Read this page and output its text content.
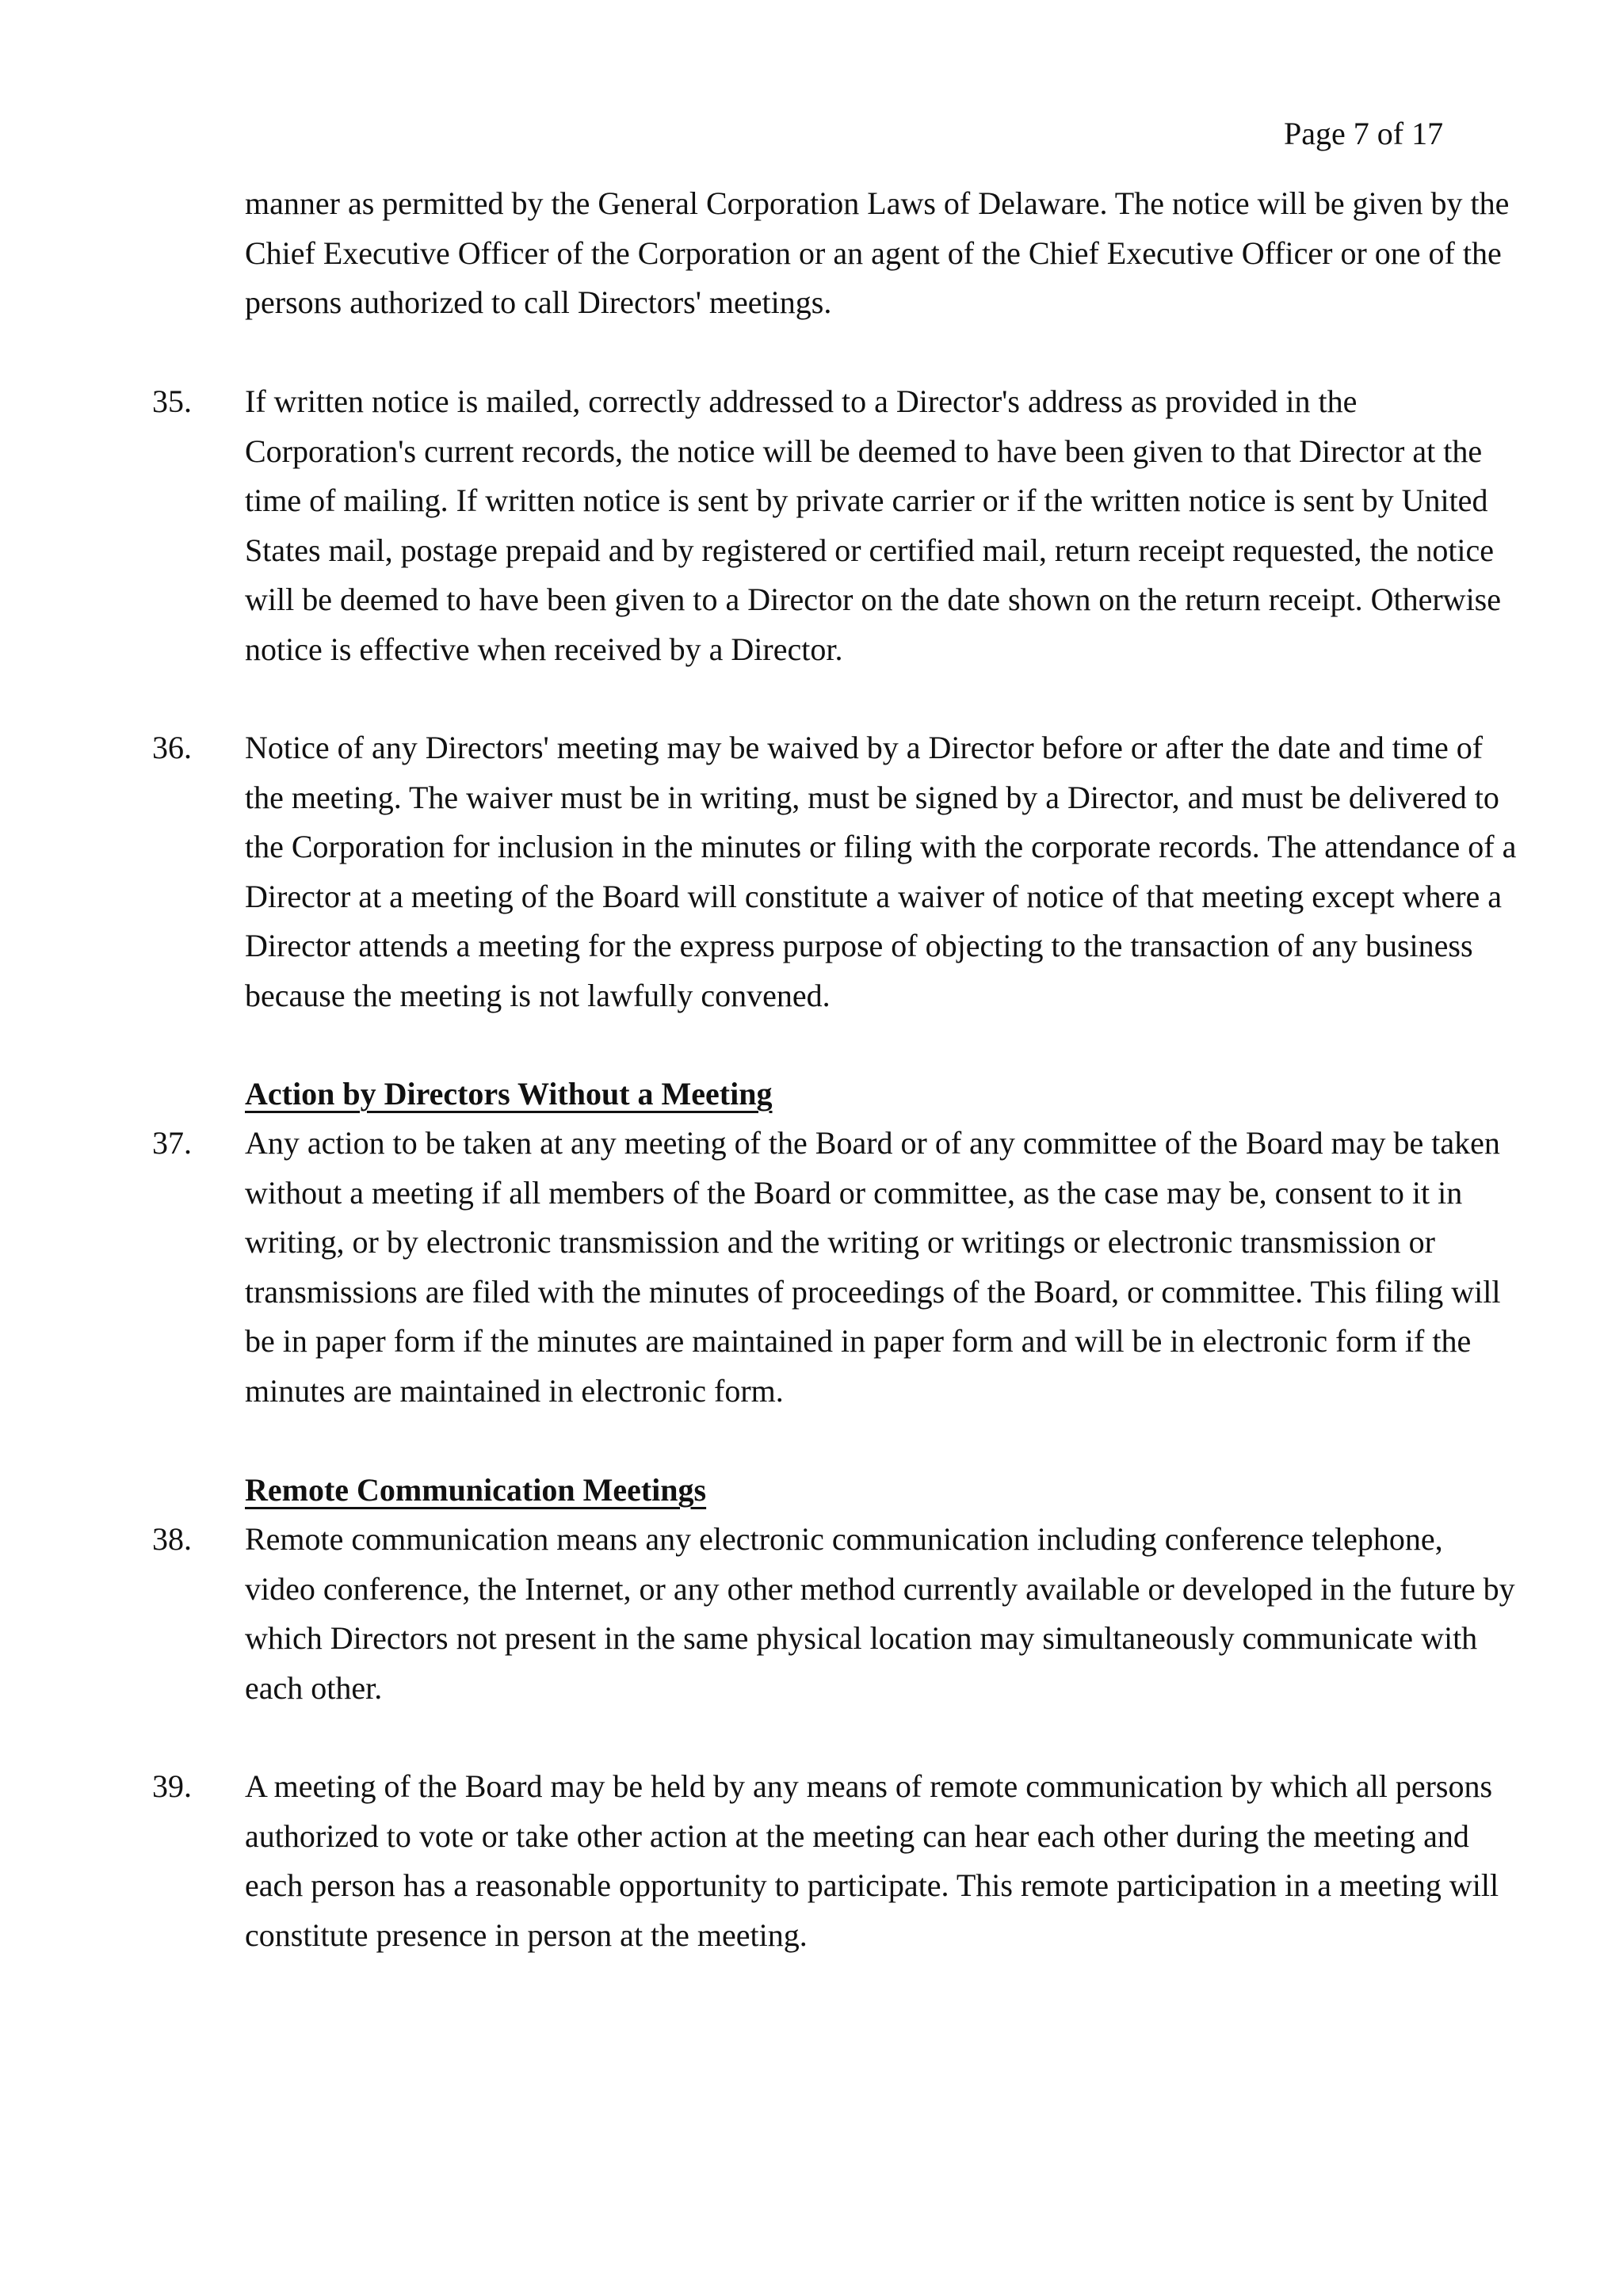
Page 7 of 17

manner as permitted by the General Corporation Laws of Delaware. The notice will be given by the Chief Executive Officer of the Corporation or an agent of the Chief Executive Officer or one of the persons authorized to call Directors' meetings.

35. If written notice is mailed, correctly addressed to a Director's address as provided in the Corporation's current records, the notice will be deemed to have been given to that Director at the time of mailing. If written notice is sent by private carrier or if the written notice is sent by United States mail, postage prepaid and by registered or certified mail, return receipt requested, the notice will be deemed to have been given to a Director on the date shown on the return receipt. Otherwise notice is effective when received by a Director.

36. Notice of any Directors' meeting may be waived by a Director before or after the date and time of the meeting. The waiver must be in writing, must be signed by a Director, and must be delivered to the Corporation for inclusion in the minutes or filing with the corporate records. The attendance of a Director at a meeting of the Board will constitute a waiver of notice of that meeting except where a Director attends a meeting for the express purpose of objecting to the transaction of any business because the meeting is not lawfully convened.

Action by Directors Without a Meeting

37. Any action to be taken at any meeting of the Board or of any committee of the Board may be taken without a meeting if all members of the Board or committee, as the case may be, consent to it in writing, or by electronic transmission and the writing or writings or electronic transmission or transmissions are filed with the minutes of proceedings of the Board, or committee. This filing will be in paper form if the minutes are maintained in paper form and will be in electronic form if the minutes are maintained in electronic form.

Remote Communication Meetings

38. Remote communication means any electronic communication including conference telephone, video conference, the Internet, or any other method currently available or developed in the future by which Directors not present in the same physical location may simultaneously communicate with each other.

39. A meeting of the Board may be held by any means of remote communication by which all persons authorized to vote or take other action at the meeting can hear each other during the meeting and each person has a reasonable opportunity to participate. This remote participation in a meeting will constitute presence in person at the meeting.
